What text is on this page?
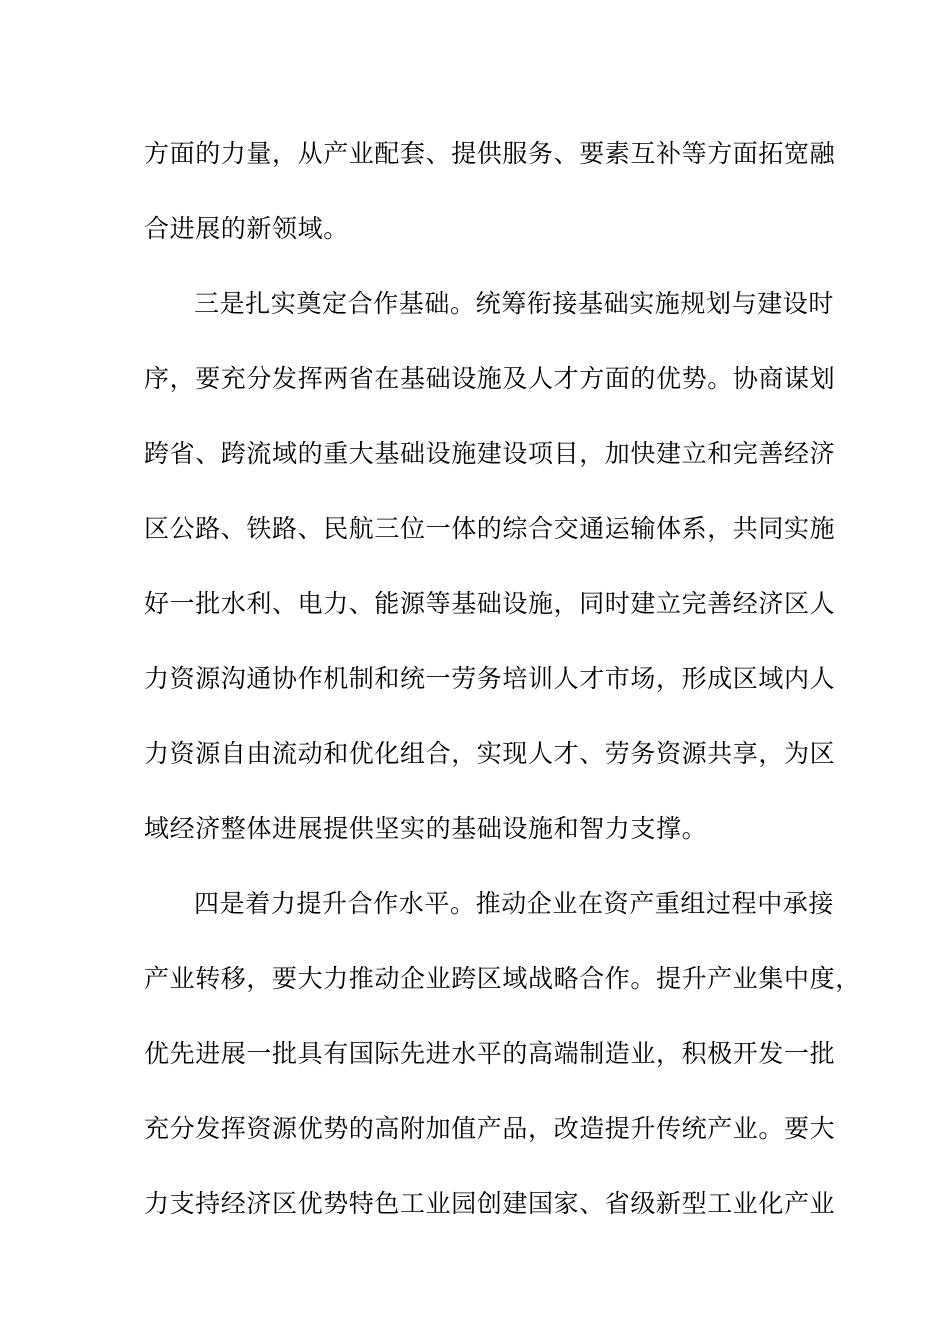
方面的力量，从产业配套、提供服务、要素互补等方面拓宽融
合进展的新领域。
三是扎实奠定合作基础。统筹衔接基础实施规划与建设时
序，要充分发挥两省在基础设施及人才方面的优势。协商谋划
跨省、跨流域的重大基础设施建设项目，加快建立和完善经济
区公路、铁路、民航三位一体的综合交通运输体系，共同实施
好一批水利、电力、能源等基础设施，同时建立完善经济区人
力资源沟通协作机制和统一劳务培训人才市场，形成区域内人
力资源自由流动和优化组合，实现人才、劳务资源共享，为区
域经济整体进展提供坚实的基础设施和智力支撑。
四是着力提升合作水平。推动企业在资产重组过程中承接
产业转移，要大力推动企业跨区域战略合作。提升产业集中度，
优先进展一批具有国际先进水平的高端制造业，积极开发一批
充分发挥资源优势的高附加值产品，改造提升传统产业。要大
力支持经济区优势特色工业园创建国家、省级新型工业化产业
